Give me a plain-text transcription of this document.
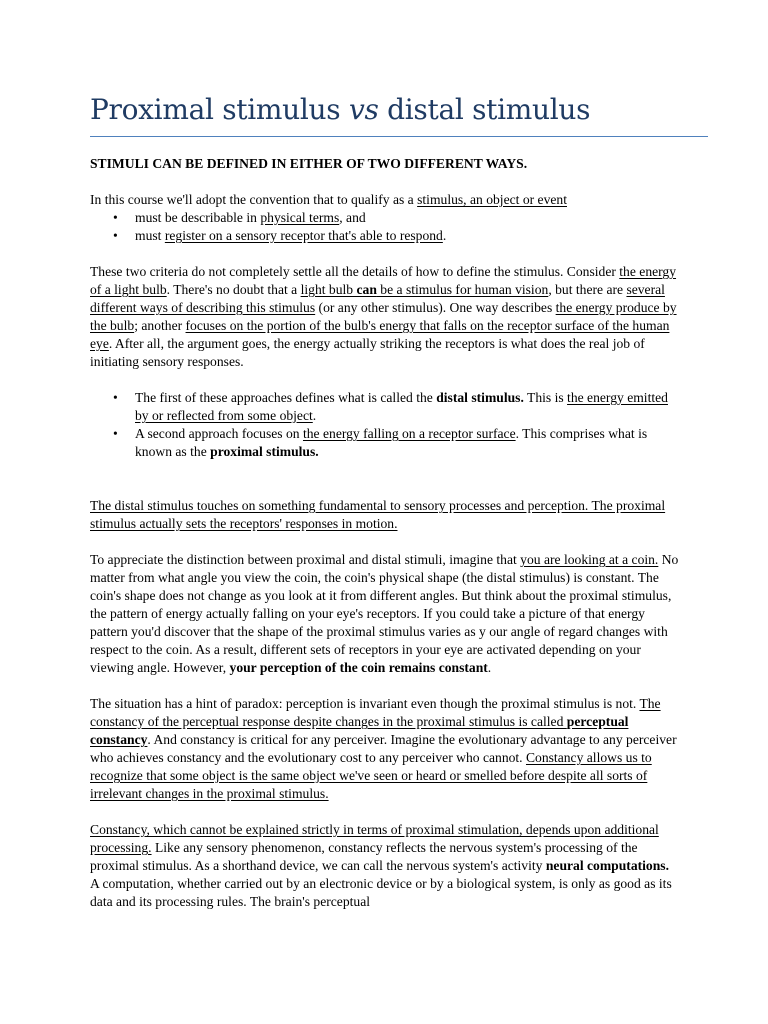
Proximal stimulus vs distal stimulus

STIMULI CAN BE DEFINED IN EITHER OF TWO DIFFERENT WAYS.

In this course we'll adopt the convention that to qualify as a stimulus, an object or event

• must be describable in physical terms, and
• must register on a sensory receptor that's able to respond.

These two criteria do not completely settle all the details of how to define the stimulus. Consider the energy of a light bulb. There's no doubt that a light bulb can be a stimulus for human vision, but there are several different ways of describing this stimulus (or any other stimulus). One way describes the energy produce by the bulb; another focuses on the portion of the bulb's energy that falls on the receptor surface of the human eye. After all, the argument goes, the energy actually striking the receptors is what does the real job of initiating sensory responses.

• The first of these approaches defines what is called the distal stimulus. This is the energy emitted by or reflected from some object.
• A second approach focuses on the energy falling on a receptor surface. This comprises what is known as the proximal stimulus.

The distal stimulus touches on something fundamental to sensory processes and perception. The proximal stimulus actually sets the receptors' responses in motion.

To appreciate the distinction between proximal and distal stimuli, imagine that you are looking at a coin. No matter from what angle you view the coin, the coin's physical shape (the distal stimulus) is constant. The coin's shape does not change as you look at it from different angles. But think about the proximal stimulus, the pattern of energy actually falling on your eye's receptors. If you could take a picture of that energy pattern you'd discover that the shape of the proximal stimulus varies as y our angle of regard changes with respect to the coin. As a result, different sets of receptors in your eye are activated depending on your viewing angle. However, your perception of the coin remains constant.

The situation has a hint of paradox: perception is invariant even though the proximal stimulus is not. The constancy of the perceptual response despite changes in the proximal stimulus is called perceptual constancy. And constancy is critical for any perceiver. Imagine the evolutionary advantage to any perceiver who achieves constancy and the evolutionary cost to any perceiver who cannot. Constancy allows us to recognize that some object is the same object we've seen or heard or smelled before despite all sorts of irrelevant changes in the proximal stimulus.

Constancy, which cannot be explained strictly in terms of proximal stimulation, depends upon additional processing. Like any sensory phenomenon, constancy reflects the nervous system's processing of the proximal stimulus. As a shorthand device, we can call the nervous system's activity neural computations. A computation, whether carried out by an electronic device or by a biological system, is only as good as its data and its processing rules. The brain's perceptual
